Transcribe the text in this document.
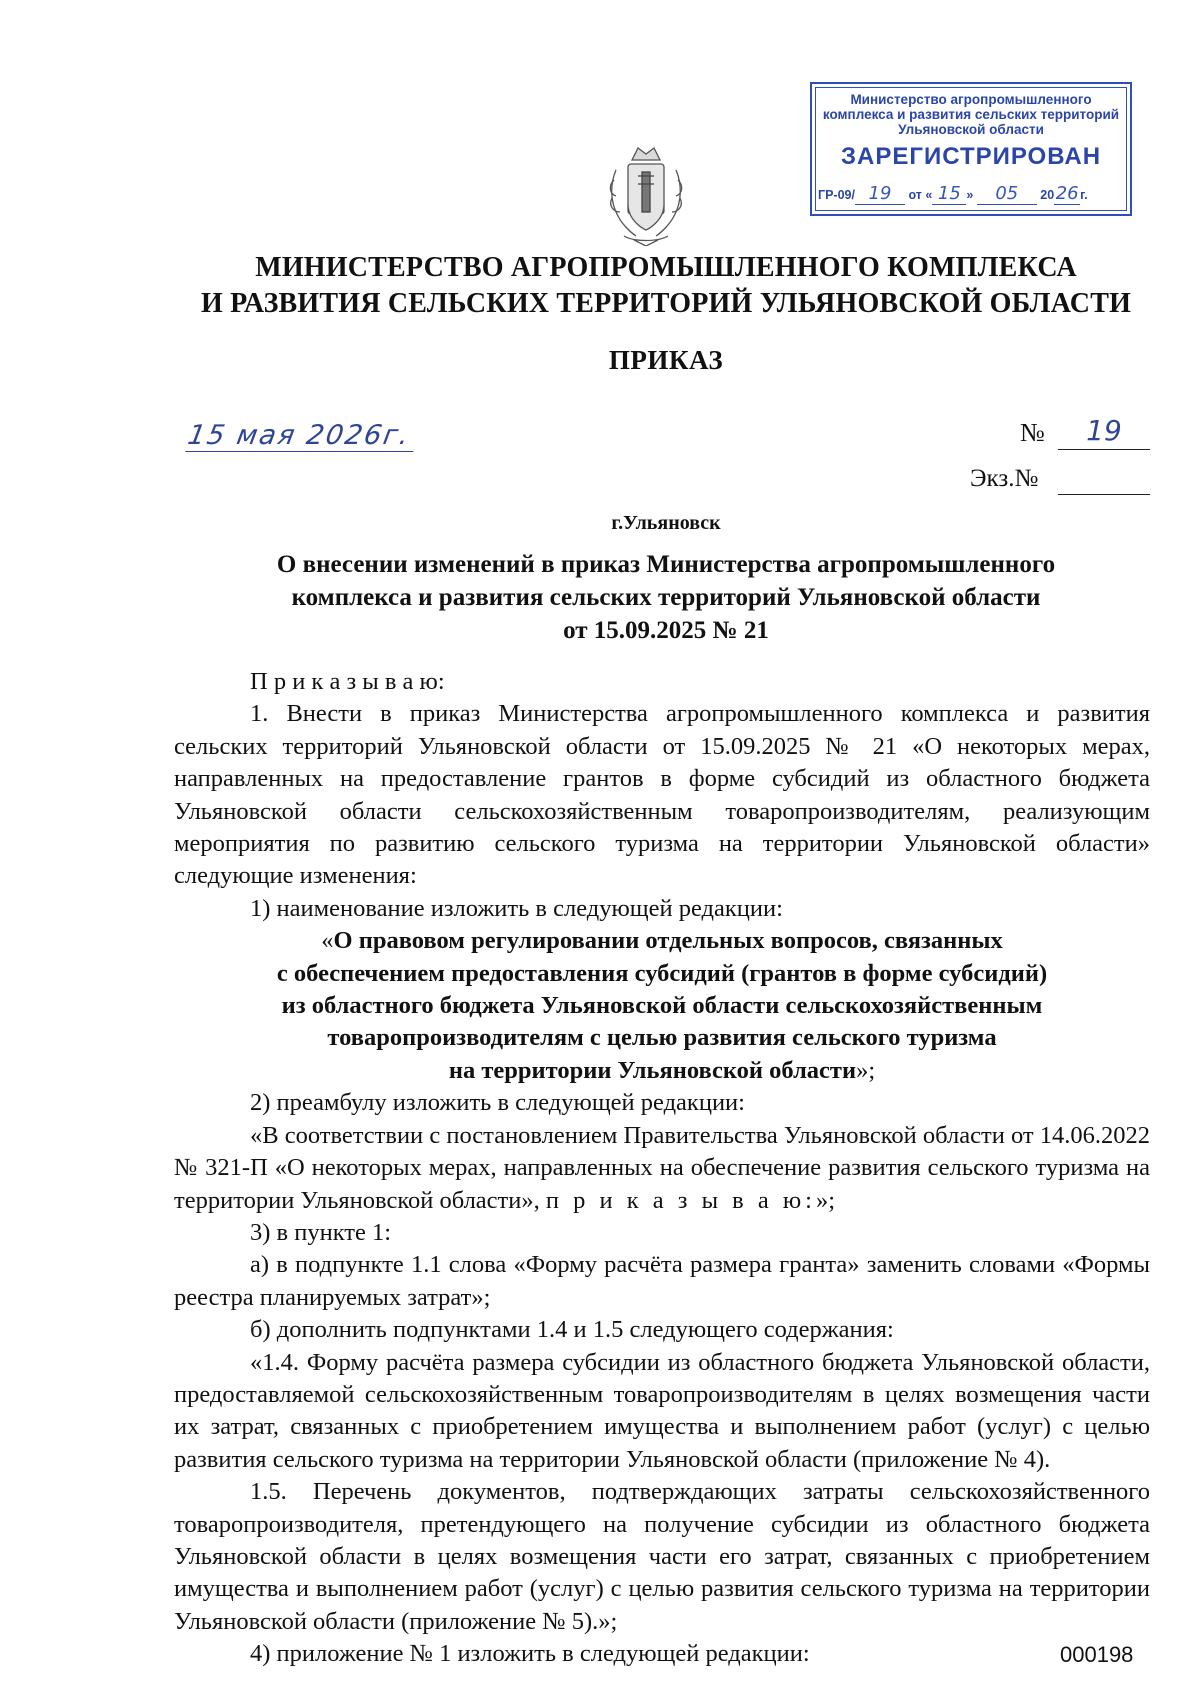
Министерство агропромышленного
комплекса и развития сельских территорий
Ульяновской области
ЗАРЕГИСТРИРОВАН
ГР-09/ 19 от « 15 » 05 2026 г.
МИНИСТЕРСТВО АГРОПРОМЫШЛЕННОГО КОМПЛЕКСА
И РАЗВИТИЯ СЕЛЬСКИХ ТЕРРИТОРИЙ УЛЬЯНОВСКОЙ ОБЛАСТИ
ПРИКАЗ
15 мая 2026г.	№	19
Экз.№
г.Ульяновск
О внесении изменений в приказ Министерства агропромышленного
комплекса и развития сельских территорий Ульяновской области
от 15.09.2025 № 21

П р и к а з ы в а ю:

1. Внести в приказ Министерства агропромышленного комплекса и развития сельских территорий Ульяновской области от 15.09.2025 № 21 «О некоторых мерах, направленных на предоставление грантов в форме субсидий из областного бюджета Ульяновской области сельскохозяйственным товаропроизводителям, реализующим мероприятия по развитию сельского туризма на территории Ульяновской области» следующие изменения:

1) наименование изложить в следующей редакции:

«О правовом регулировании отдельных вопросов, связанных
с обеспечением предоставления субсидий (грантов в форме субсидий)
из областного бюджета Ульяновской области сельскохозяйственным
товаропроизводителям с целью развития сельского туризма
на территории Ульяновской области»;

2) преамбулу изложить в следующей редакции:

«В соответствии с постановлением Правительства Ульяновской области от 14.06.2022 № 321-П «О некоторых мерах, направленных на обеспечение развития сельского туризма на территории Ульяновской области», п р и к а з ы в а ю:»;

3) в пункте 1:

а) в подпункте 1.1 слова «Форму расчёта размера гранта» заменить словами «Формы реестра планируемых затрат»;

б) дополнить подпунктами 1.4 и 1.5 следующего содержания:

«1.4. Форму расчёта размера субсидии из областного бюджета Ульяновской области, предоставляемой сельскохозяйственным товаропроизводителям в целях возмещения части их затрат, связанных с приобретением имущества и выполнением работ (услуг) с целью развития сельского туризма на территории Ульяновской области (приложение № 4).

1.5. Перечень документов, подтверждающих затраты сельскохозяйственного товаропроизводителя, претендующего на получение субсидии из областного бюджета Ульяновской области в целях возмещения части его затрат, связанных с приобретением имущества и выполнением работ (услуг) с целью развития сельского туризма на территории Ульяновской области (приложение № 5).»;

4) приложение № 1 изложить в следующей редакции:	000198
